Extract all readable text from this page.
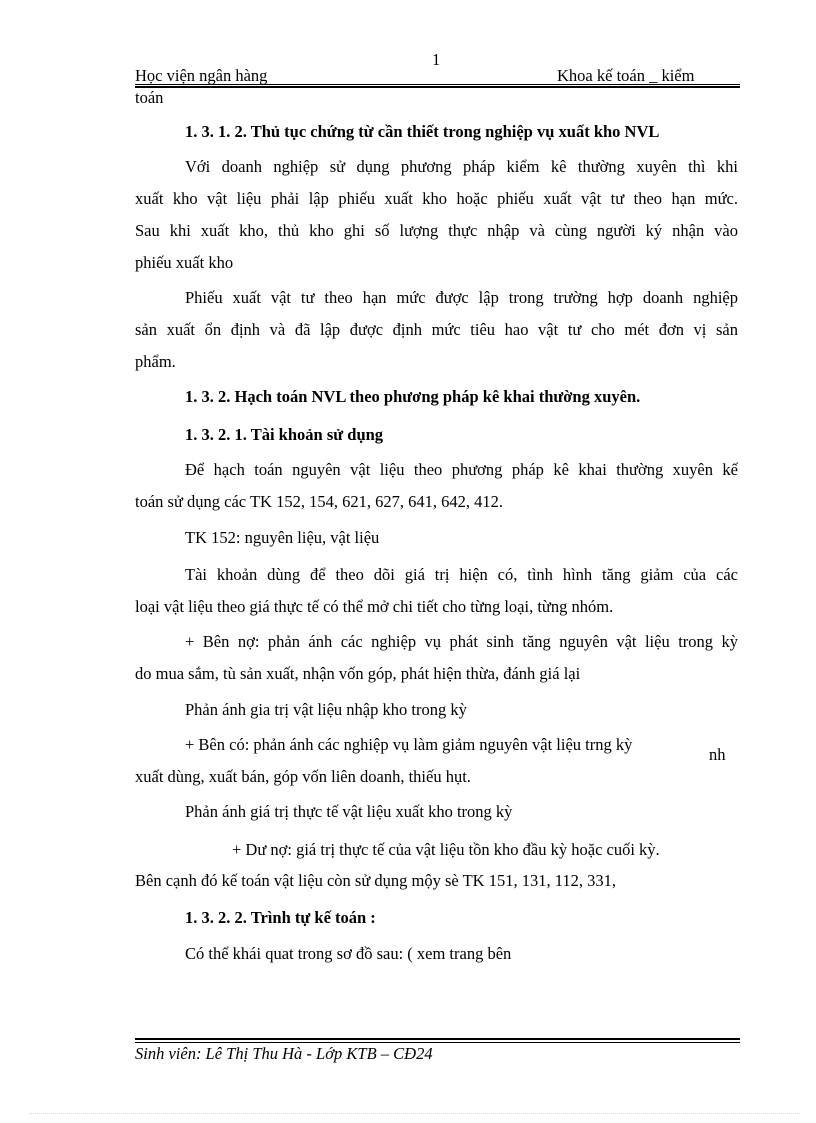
1
Học viện ngân hàng	Khoa kế toán _ kiểm
toán
1. 3. 1. 2. Thủ tục chứng từ cần thiết trong nghiệp vụ xuất kho NVL
Với doanh nghiệp sử dụng phương pháp kiểm kê thường xuyên thì khi
xuất kho vật liệu phải lập phiếu xuất kho hoặc phiếu xuất vật tư theo hạn mức.
Sau khi xuất kho, thủ kho ghi số lượng thực nhập và cùng người ký nhận vào
phiếu xuất kho
Phiếu xuất vật tư theo hạn mức được lập trong trường hợp doanh nghiệp
sản xuất ổn định và đã lập được định mức tiêu hao vật tư cho mét đơn vị sản
phẩm.
1. 3. 2. Hạch toán NVL theo phương pháp kê khai thường xuyên.
1. 3. 2. 1. Tài khoản sử dụng
Để hạch toán nguyên vật liệu theo phương pháp kê khai thường xuyên kế
toán sử dụng các TK 152, 154, 621, 627, 641, 642, 412.
TK 152: nguyên liệu, vật liệu
Tài khoản dùng để theo dõi giá trị hiện có, tình hình tăng giảm của các
loại vật liệu theo giá thực tế có thể mở chi tiết cho từng loại, từng nhóm.
+ Bên nợ: phản ánh các nghiệp vụ phát sinh tăng nguyên vật liệu trong kỳ
do mua sắm, tù sản xuất, nhận vốn góp, phát hiện thừa, đánh giá lại
Phản ánh gia trị vật liệu nhập kho trong kỳ
+ Bên có: phản ánh các nghiệp vụ làm giảm nguyên vật liệu trng kỳ
nh
xuất dùng, xuất bán, góp vốn liên doanh, thiếu hụt.
Phản ánh giá trị thực tế vật liệu xuất kho trong kỳ
+ Dư nợ: giá trị thực tế của vật liệu tồn kho đầu kỳ hoặc cuối kỳ.
Bên cạnh đó kế toán vật liệu còn sử dụng mộy sè TK 151, 131, 112, 331,
1. 3. 2. 2. Trình tự kế toán :
Có thể khái quat trong sơ đồ sau: ( xem trang bên
Sinh viên: Lê Thị Thu Hà - Lớp KTB – CĐ24
